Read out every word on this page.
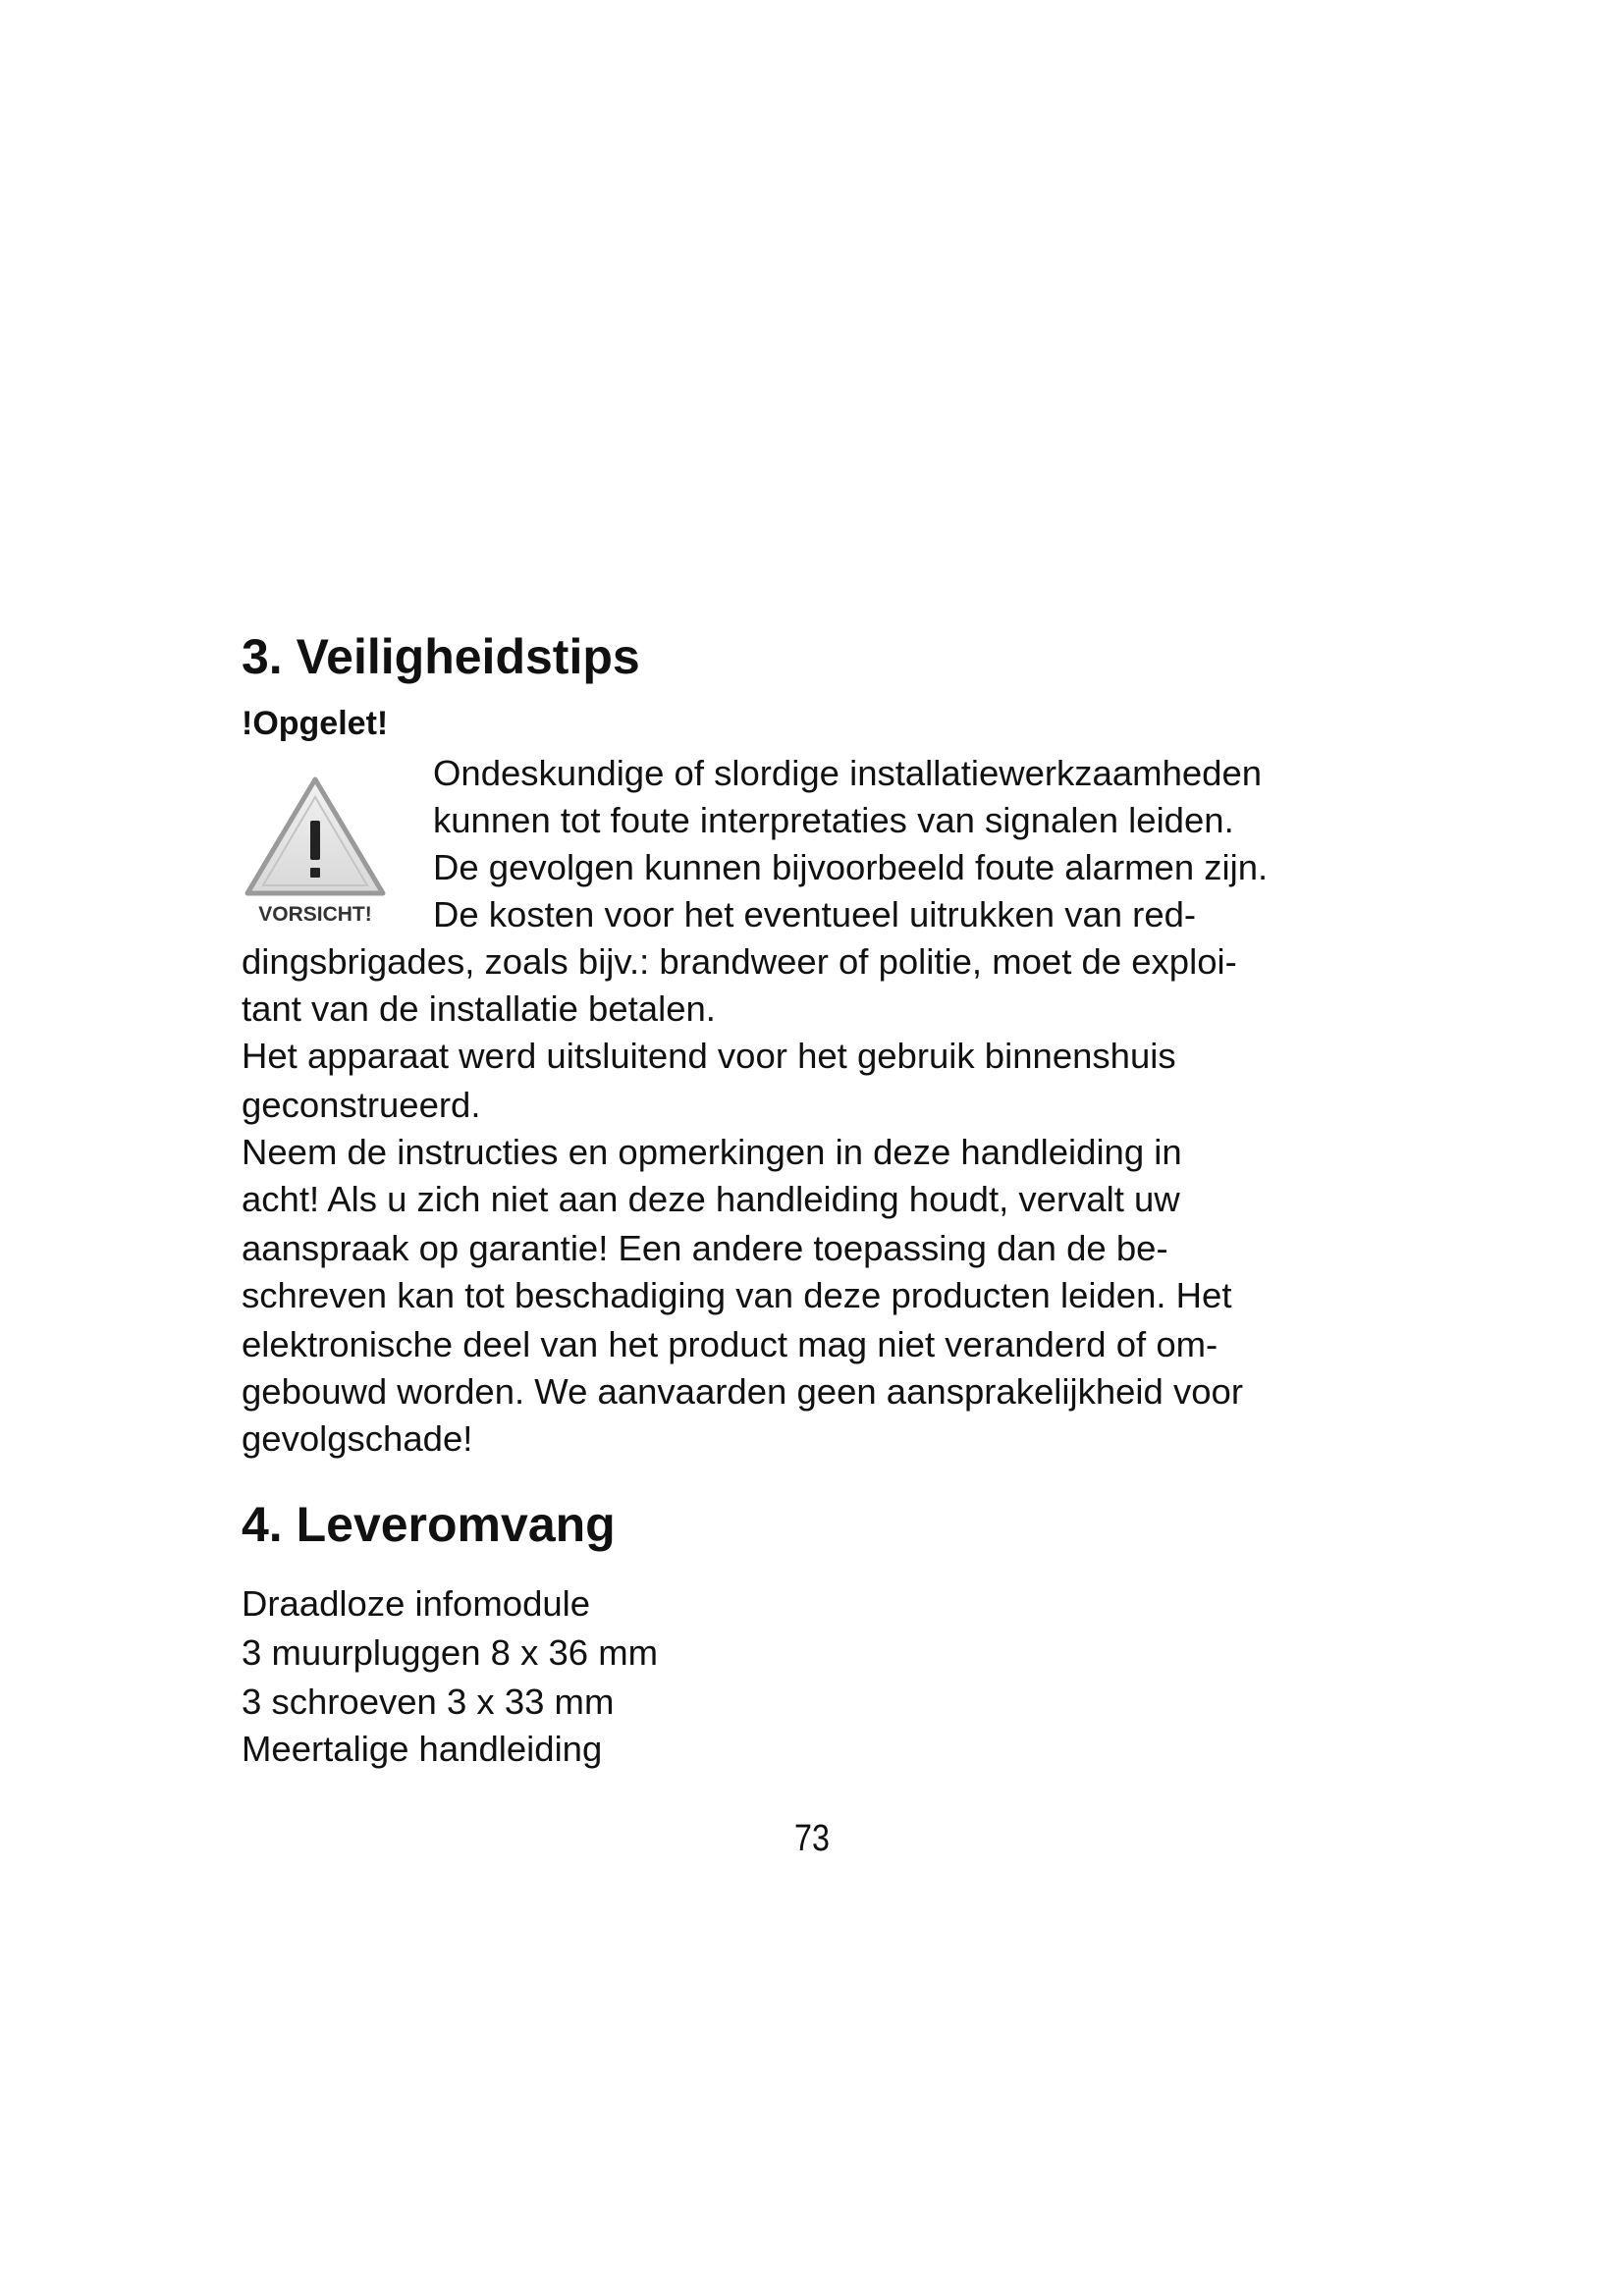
3. Veiligheidstips
!Opgelet!
VORSICHT!

Ondeskundige of slordige installatiewerkzaamheden

kunnen tot foute interpretaties van signalen leiden.

De gevolgen kunnen bijvoorbeeld foute alarmen zijn.

De kosten voor het eventueel uitrukken van red-

dingsbrigades, zoals bijv.: brandweer of politie, moet de exploi-

tant van de installatie betalen.

Het apparaat werd uitsluitend voor het gebruik binnenshuis

geconstrueerd.

Neem de instructies en opmerkingen in deze handleiding in

acht! Als u zich niet aan deze handleiding houdt, vervalt uw

aanspraak op garantie! Een andere toepassing dan de be-

schreven kan tot beschadiging van deze producten leiden. Het

elektronische deel van het product mag niet veranderd of om-

gebouwd worden. We aanvaarden geen aansprakelijkheid voor

gevolgschade!

4. Leveromvang

Draadloze infomodule

3 muurpluggen 8 x 36 mm

3 schroeven 3 x 33 mm

Meertalige handleiding

73
